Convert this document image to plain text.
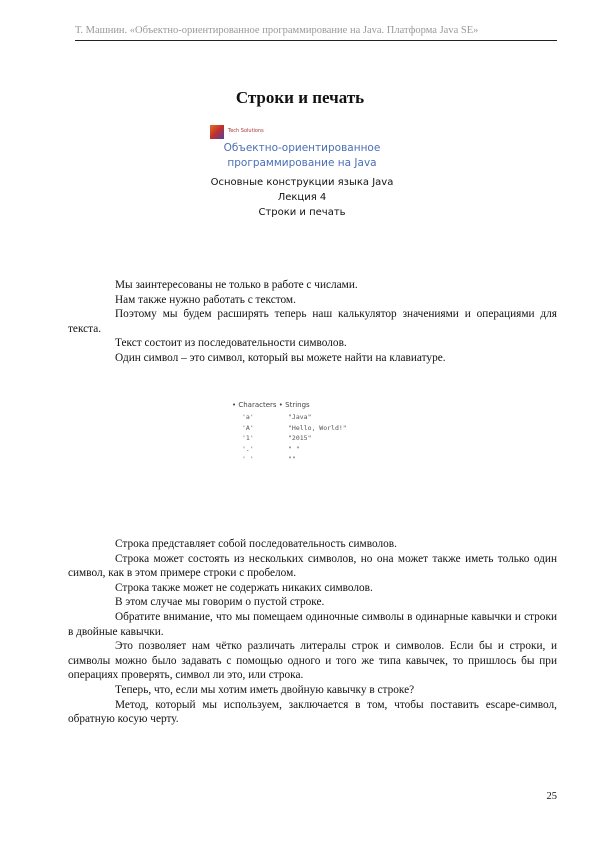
Т. Машнин. «Объектно-ориентированное программирование на Java. Платформа Java SE»
Строки и печать
Tech Solutions
Объектно-ориентированное
программирование на Java
Основные конструкции языка Java
Лекция 4
Строки и печать

Мы заинтересованы не только в работе с числами.

Нам также нужно работать с текстом.

Поэтому мы будем расширять теперь наш калькулятор значениями и операциями для текста.

Текст состоит из последовательности символов.

Один символ – это символ, который вы можете найти на клавиатуре.

• Characters • Strings
'a'	"Java"
'A'	"Hello, World!"
'1'	"2015"
'.'	" "
' '	""

Строка представляет собой последовательность символов.

Строка может состоять из нескольких символов, но она может также иметь только один символ, как в этом примере строки с пробелом.

Строка также может не содержать никаких символов.

В этом случае мы говорим о пустой строке.

Обратите внимание, что мы помещаем одиночные символы в одинарные кавычки и строки в двойные кавычки.

Это позволяет нам чётко различать литералы строк и символов. Если бы и строки, и символы можно было задавать с помощью одного и того же типа кавычек, то пришлось бы при операциях проверять, символ ли это, или строка.

Теперь, что, если мы хотим иметь двойную кавычку в строке?

Метод, который мы используем, заключается в том, чтобы поставить escape-символ, обратную косую черту.

25
